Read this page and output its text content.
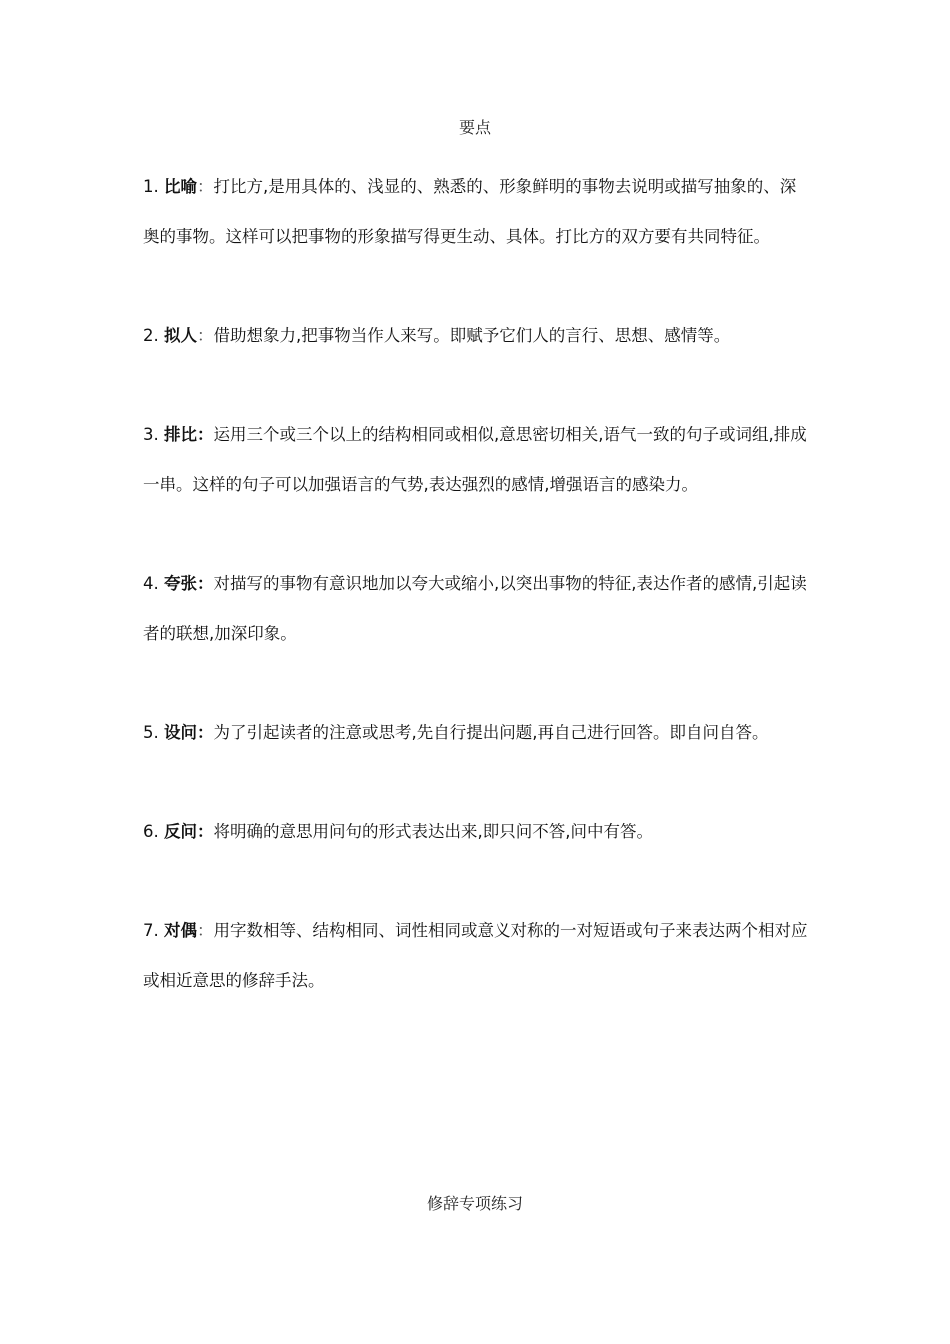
要点

1. 比喻：打比方,是用具体的、浅显的、熟悉的、形象鲜明的事物去说明或描写抽象的、深奥的事物。这样可以把事物的形象描写得更生动、具体。打比方的双方要有共同特征。

2. 拟人：借助想象力,把事物当作人来写。即赋予它们人的言行、思想、感情等。

3. 排比：运用三个或三个以上的结构相同或相似,意思密切相关,语气一致的句子或词组,排成一串。这样的句子可以加强语言的气势,表达强烈的感情,增强语言的感染力。

4. 夸张：对描写的事物有意识地加以夸大或缩小,以突出事物的特征,表达作者的感情,引起读者的联想,加深印象。

5. 设问：为了引起读者的注意或思考,先自行提出问题,再自己进行回答。即自问自答。

6. 反问：将明确的意思用问句的形式表达出来,即只问不答,问中有答。

7. 对偶：用字数相等、结构相同、词性相同或意义对称的一对短语或句子来表达两个相对应或相近意思的修辞手法。

修辞专项练习
